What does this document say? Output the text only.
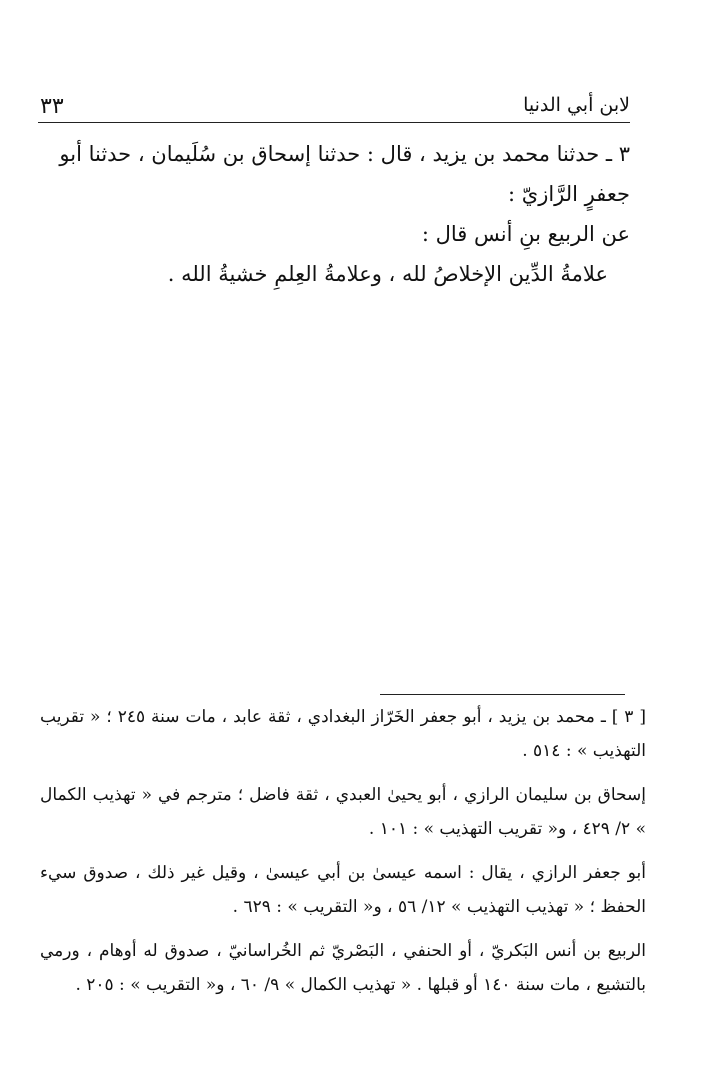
٣٣	لابن أبي الدنيا

٣ ـ حدثنا محمد بن يزيد ، قال : حدثنا إسحاق بن سُلَيمان ، حدثنا أبو جعفرٍ الرَّازيّ :

عن الربيع بنِ أنس قال :

علامةُ الدِّين الإخلاصُ لله ، وعلامةُ العِلمِ خشيةُ الله .

[ ٣ ] ـ محمد بن يزيد ، أبو جعفر الخَرّاز البغدادي ، ثقة عابد ، مات سنة ٢٤٥ ؛ « تقريب التهذيب » : ٥١٤ .

إسحاق بن سليمان الرازي ، أبو يحيىٰ العبدي ، ثقة فاضل ؛ مترجم في « تهذيب الكمال » ٢/ ٤٢٩ ، و« تقريب التهذيب » : ١٠١ .

أبو جعفر الرازي ، يقال : اسمه عيسىٰ بن أبي عيسىٰ ، وقيل غير ذلك ، صدوق سيء الحفظ ؛ « تهذيب التهذيب » ١٢/ ٥٦ ، و« التقريب » : ٦٢٩ .

الربيع بن أنس البَكريّ ، أو الحنفي ، البَصْريّ ثم الخُراسانيّ ، صدوق له أوهام ، ورمي بالتشيع ، مات سنة ١٤٠ أو قبلها . « تهذيب الكمال » ٩/ ٦٠ ، و« التقريب » : ٢٠٥ .
